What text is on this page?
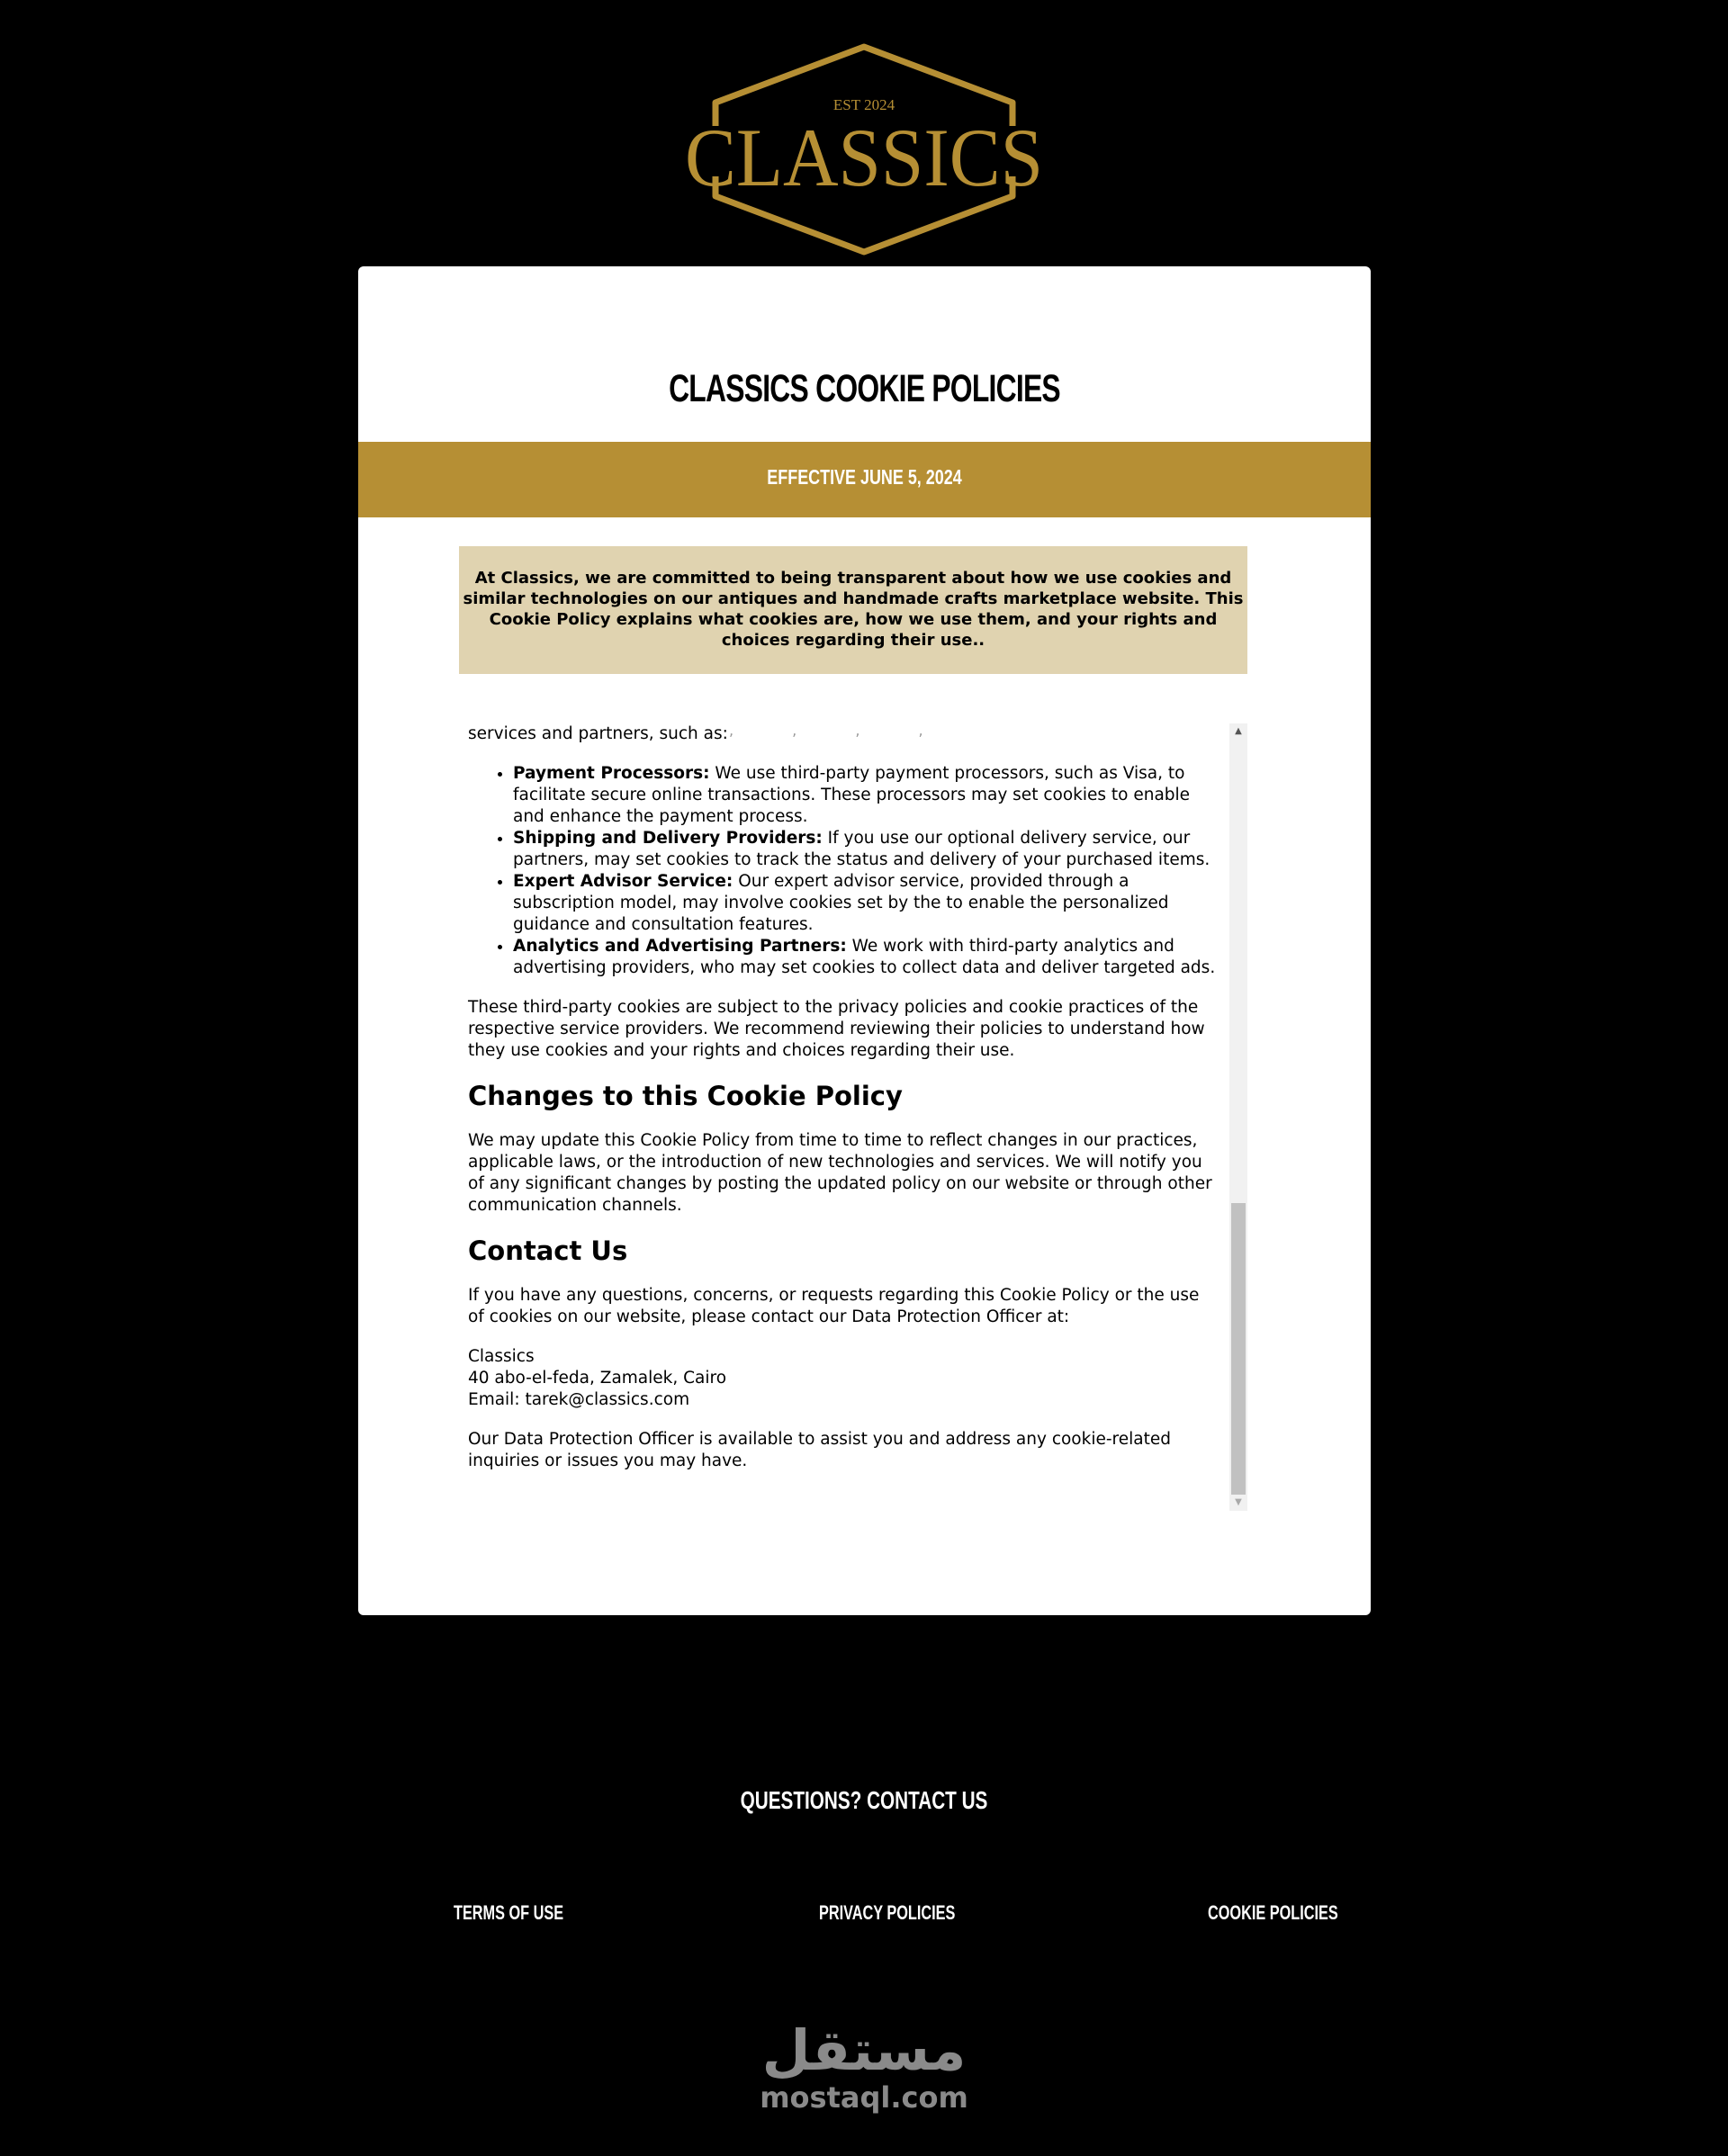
EST 2024
CLASSICS
CLASSICS COOKIE POLICIES
EFFECTIVE JUNE 5, 2024
At Classics, we are committed to being transparent about how we use cookies and similar technologies on our antiques and handmade crafts marketplace website. This Cookie Policy explains what cookies are, how we use them, and your rights and choices regarding their use..
, , , ,

services and partners, such as:

• Payment Processors: We use third-party payment processors, such as Visa, to facilitate secure online transactions. These processors may set cookies to enable and enhance the payment process.
• Shipping and Delivery Providers: If you use our optional delivery service, our partners, may set cookies to track the status and delivery of your purchased items.
• Expert Advisor Service: Our expert advisor service, provided through a subscription model, may involve cookies set by the to enable the personalized guidance and consultation features.
• Analytics and Advertising Partners: We work with third-party analytics and advertising providers, who may set cookies to collect data and deliver targeted ads.

These third-party cookies are subject to the privacy policies and cookie practices of the respective service providers. We recommend reviewing their policies to understand how they use cookies and your rights and choices regarding their use.

Changes to this Cookie Policy

We may update this Cookie Policy from time to time to reflect changes in our practices, applicable laws, or the introduction of new technologies and services. We will notify you of any significant changes by posting the updated policy on our website or through other communication channels.

Contact Us

If you have any questions, concerns, or requests regarding this Cookie Policy or the use of cookies on our website, please contact our Data Protection Officer at:

Classics
40 abo-el-feda, Zamalek, Cairo
Email: tarek@classics.com

Our Data Protection Officer is available to assist you and address any cookie-related inquiries or issues you may have.

▲
▼
QUESTIONS? CONTACT US
TERMS OF USE	PRIVACY POLICIES	COOKIE POLICIES
مستقل
mostaql.com
